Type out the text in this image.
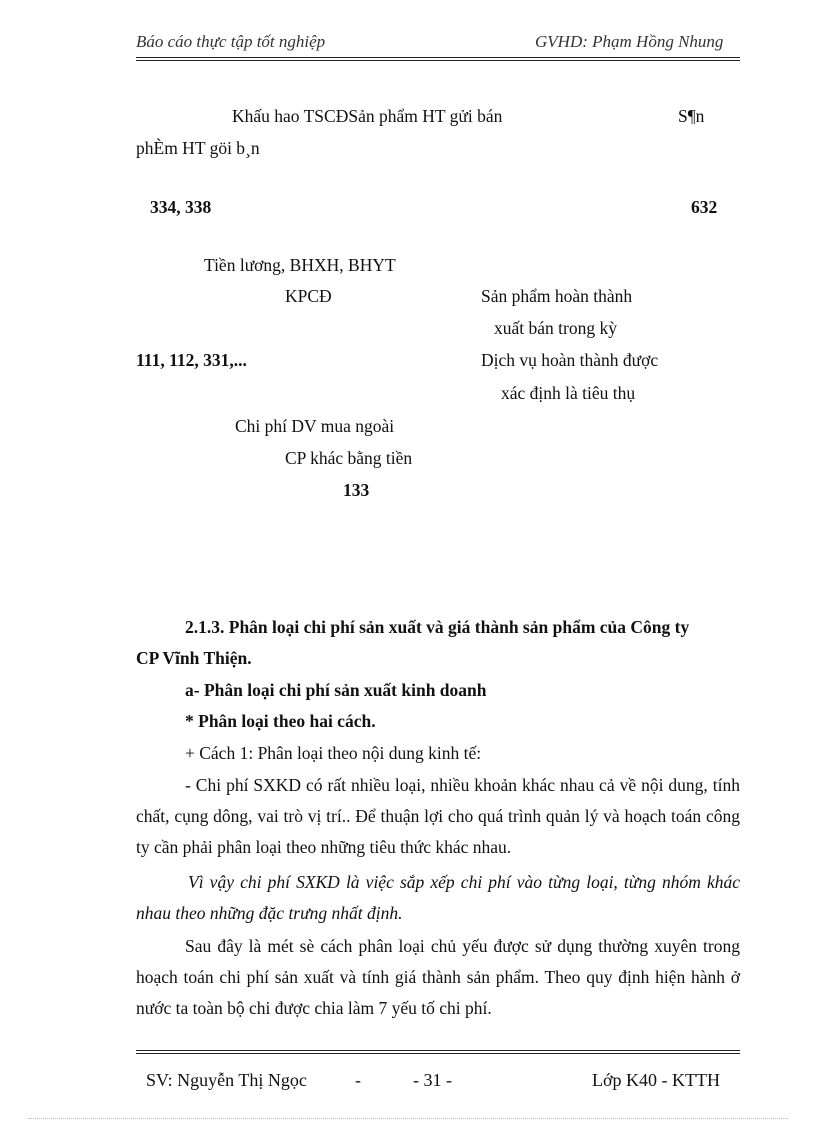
Báo cáo thực tập tốt nghiệp	GVHD: Phạm Hồng Nhung
Khấu hao TSCĐSản phẩm HT gửi bán	S¶n
phÈm HT göi b¸n
334, 338	632
Tiền lương, BHXH, BHYT
KPCĐ	Sản phẩm hoàn thành
xuất bán trong kỳ
111, 112, 331,...	Dịch vụ hoàn thành được
xác định là tiêu thụ
Chi phí DV mua ngoài
CP khác bằng tiền
133
2.1.3. Phân loại chi phí sản xuất và giá thành sản phẩm của Công ty
CP Vĩnh Thiện.
a- Phân loại chi phí sản xuất kinh doanh
* Phân loại theo hai cách.
+ Cách 1: Phân loại theo nội dung kinh tế:
- Chi phí SXKD có rất nhiều loại, nhiều khoản khác nhau cả về nội dung, tính chất, cụng dông, vai trò vị trí.. Để thuận lợi cho quá trình quản lý và hoạch toán công ty cần phải phân loại theo những tiêu thức khác nhau.
Vì vậy chi phí SXKD là việc sắp xếp chi phí vào từng loại, từng nhóm khác nhau theo những đặc trưng nhất định.
Sau đây là mét sè cách phân loại chủ yếu được sử dụng thường xuyên trong hoạch toán chi phí sản xuất và tính giá thành sản phẩm. Theo quy định hiện hành ở nước ta toàn bộ chi được chia làm 7 yếu tố chi phí.
SV: Nguyễn Thị Ngọc	-	- 31 -	Lớp K40 - KTTH
